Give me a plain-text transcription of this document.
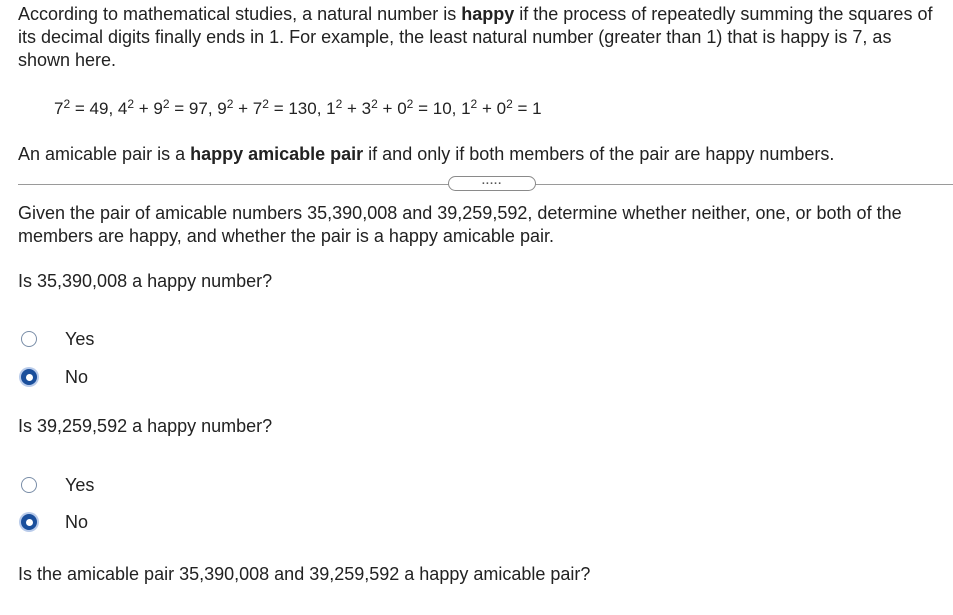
According to mathematical studies, a natural number is happy if the process of repeatedly summing the squares of its decimal digits finally ends in 1. For example, the least natural number (greater than 1) that is happy is 7, as shown here.
$7^2 = 49$, $4^2 + 9^2 = 97$, $9^2 + 7^2 = 130$, $1^2 + 3^2 + 0^2 = 10$, $1^2 + 0^2 = 1$
An amicable pair is a happy amicable pair if and only if both members of the pair are happy numbers.
.....
Given the pair of amicable numbers 35,390,008 and 39,259,592, determine whether neither, one, or both of the members are happy, and whether the pair is a happy amicable pair.
Is 35,390,008 a happy number?
Yes
No
Is 39,259,592 a happy number?
Yes
No
Is the amicable pair 35,390,008 and 39,259,592 a happy amicable pair?
